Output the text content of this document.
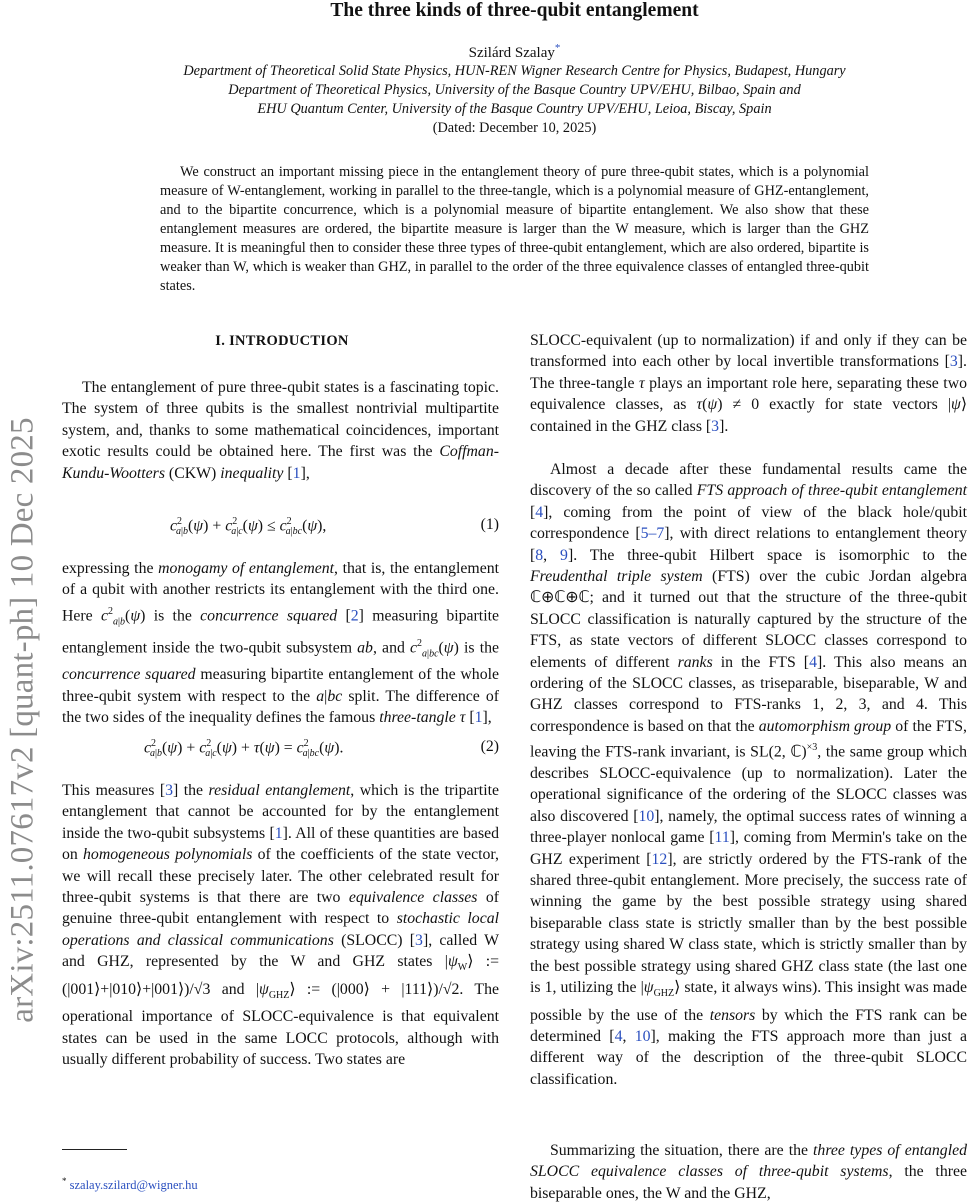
arXiv:2511.07617v2 [quant-ph] 10 Dec 2025
The three kinds of three-qubit entanglement
Szilárd Szalay*
Department of Theoretical Solid State Physics, HUN-REN Wigner Research Centre for Physics, Budapest, Hungary
Department of Theoretical Physics, University of the Basque Country UPV/EHU, Bilbao, Spain and
EHU Quantum Center, University of the Basque Country UPV/EHU, Leioa, Biscay, Spain
(Dated: December 10, 2025)

We construct an important missing piece in the entanglement theory of pure three-qubit states, which is a polynomial measure of W-entanglement, working in parallel to the three-tangle, which is a polynomial measure of GHZ-entanglement, and to the bipartite concurrence, which is a polynomial measure of bipartite entanglement. We also show that these entanglement measures are ordered, the bipartite measure is larger than the W measure, which is larger than the GHZ measure. It is meaningful then to consider these three types of three-qubit entanglement, which are also ordered, bipartite is weaker than W, which is weaker than GHZ, in parallel to the order of the three equivalence classes of entangled three-qubit states.

I. INTRODUCTION

The entanglement of pure three-qubit states is a fascinating topic. The system of three qubits is the smallest nontrivial multipartite system, and, thanks to some mathematical coincidences, important exotic results could be obtained here. The first was the Coffman-Kundu-Wootters (CKW) inequality [1],

$c^2_{a|b}(\psi) + c^2_{a|c}(\psi) \le c^2_{a|bc}(\psi)$,	(1)

expressing the monogamy of entanglement, that is, the entanglement of a qubit with another restricts its entanglement with the third one. Here $c^2_{a|b}(\psi)$ is the concurrence squared [2] measuring bipartite entanglement inside the two-qubit subsystem ab, and $c^2_{a|bc}(\psi)$ is the concurrence squared measuring bipartite entanglement of the whole three-qubit system with respect to the a|bc split. The difference of the two sides of the inequality defines the famous three-tangle τ [1],

$c^2_{a|b}(\psi) + c^2_{a|c}(\psi) + \tau(\psi) = c^2_{a|bc}(\psi)$.	(2)

This measures [3] the residual entanglement, which is the tripartite entanglement that cannot be accounted for by the entanglement inside the two-qubit subsystems [1]. All of these quantities are based on homogeneous polynomials of the coefficients of the state vector, we will recall these precisely later. The other celebrated result for three-qubit systems is that there are two equivalence classes of genuine three-qubit entanglement with respect to stochastic local operations and classical communications (SLOCC) [3], called W and GHZ, represented by the W and GHZ states $|\psi_W⟩$ := (|001⟩+|010⟩+|001⟩)/√3 and $|\psi_{GHZ}⟩$ := (|000⟩ + |111⟩)/√2. The operational importance of SLOCC-equivalence is that equivalent states can be used in the same LOCC protocols, although with usually different probability of success. Two states are

* szalay.szilard@wigner.hu

SLOCC-equivalent (up to normalization) if and only if they can be transformed into each other by local invertible transformations [3]. The three-tangle τ plays an important role here, separating these two equivalence classes, as τ(ψ) ≠ 0 exactly for state vectors |ψ⟩ contained in the GHZ class [3].

Almost a decade after these fundamental results came the discovery of the so called FTS approach of three-qubit entanglement [4], coming from the point of view of the black hole/qubit correspondence [5–7], with direct relations to entanglement theory [8, 9]. The three-qubit Hilbert space is isomorphic to the Freudenthal triple system (FTS) over the cubic Jordan algebra ℂ⊕ℂ⊕ℂ; and it turned out that the structure of the three-qubit SLOCC classification is naturally captured by the structure of the FTS, as state vectors of different SLOCC classes correspond to elements of different ranks in the FTS [4]. This also means an ordering of the SLOCC classes, as triseparable, biseparable, W and GHZ classes correspond to FTS-ranks 1, 2, 3, and 4. This correspondence is based on that the automorphism group of the FTS, leaving the FTS-rank invariant, is SL(2, ℂ)$^{\times 3}$, the same group which describes SLOCC-equivalence (up to normalization). Later the operational significance of the ordering of the SLOCC classes was also discovered [10], namely, the optimal success rates of winning a three-player nonlocal game [11], coming from Mermin's take on the GHZ experiment [12], are strictly ordered by the FTS-rank of the shared three-qubit entanglement. More precisely, the success rate of winning the game by the best possible strategy using shared biseparable class state is strictly smaller than by the best possible strategy using shared W class state, which is strictly smaller than by the best possible strategy using shared GHZ class state (the last one is 1, utilizing the $|\psi_{GHZ}⟩$ state, it always wins). This insight was made possible by the use of the tensors by which the FTS rank can be determined [4, 10], making the FTS approach more than just a different way of the description of the three-qubit SLOCC classification.

Summarizing the situation, there are the three types of entangled SLOCC equivalence classes of three-qubit systems, the three biseparable ones, the W and the GHZ,
